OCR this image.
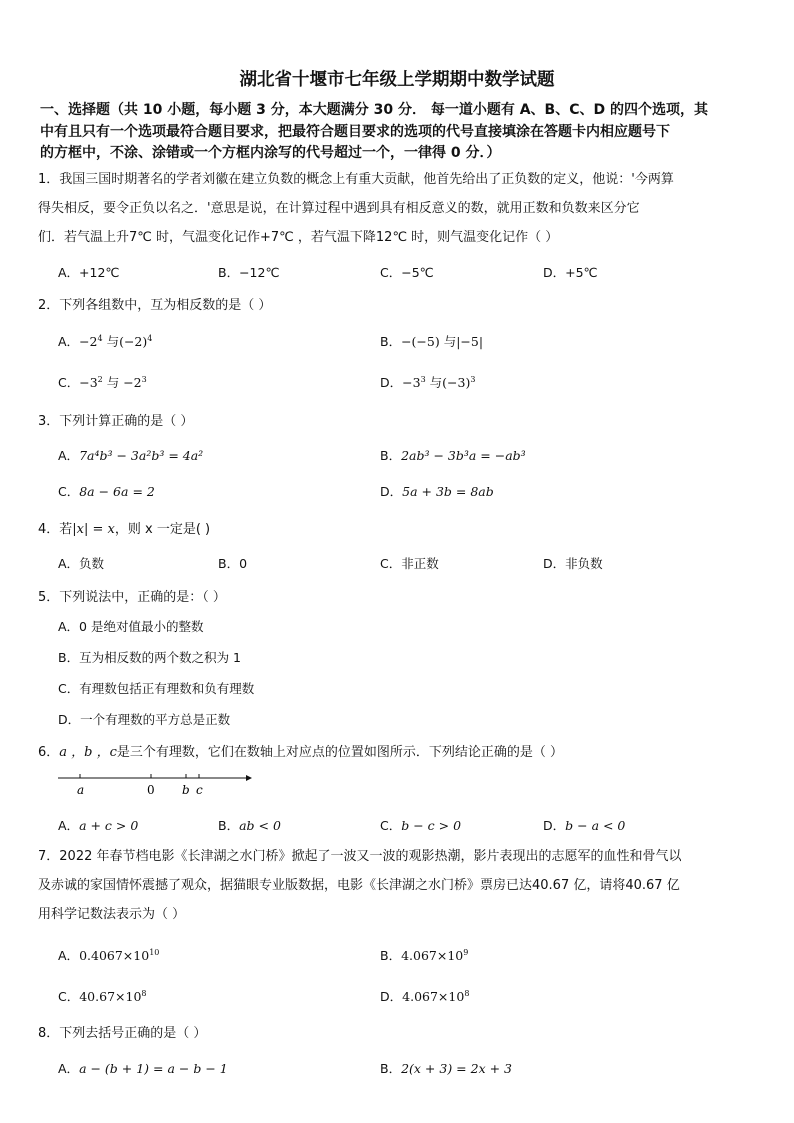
湖北省十堰市七年级上学期期中数学试题
一、选择题（共 10 小题，每小题 3 分，本大题满分 30 分． 每一道小题有 A、B、C、D 的四个选项，其
中有且只有一个选项最符合题目要求，把最符合题目要求的选项的代号直接填涂在答题卡内相应题号下
的方框中，不涂、涂错或一个方框内涂写的代号超过一个，一律得 0 分．）
1．我国三国时期著名的学者刘徽在建立负数的概念上有重大贡献，他首先给出了正负数的定义，他说：'今两算
得失相反，要令正负以名之．'意思是说，在计算过程中遇到具有相反意义的数，就用正数和负数来区分它
们．若气温上升7℃ 时，气温变化记作+7℃ ，若气温下降12℃ 时，则气温变化记作（ ）
A．+12℃	B．−12℃	C．−5℃	D．+5℃
2．下列各组数中，互为相反数的是（ ）
A．$-2^4$ 与$(-2)^4$	B．−(−5) 与|−5|
C．$-3^2$ 与 $-2^3$	D．$-3^3$ 与$(-3)^3$
3．下列计算正确的是（ ）
A．7a⁴b³ − 3a²b³ = 4a²	B．2ab³ − 3b³a = −ab³
C．8a − 6a = 2	D．5a + 3b = 8ab
4．若|x| = x，则 x 一定是( )
A．负数	B．0	C．非正数	D．非负数
5．下列说法中，正确的是：（ ）
A．0 是绝对值最小的整数
B．互为相反数的两个数之积为 1
C．有理数包括正有理数和负有理数
D．一个有理数的平方总是正数
6．a ，b ，c是三个有理数，它们在数轴上对应点的位置如图所示．下列结论正确的是（ ）
a	0 b c
A．a + c > 0	B．ab < 0	C．b − c > 0	D．b − a < 0
7．2022 年春节档电影《长津湖之水门桥》掀起了一波又一波的观影热潮，影片表现出的志愿军的血性和骨气以
及赤诚的家国情怀震撼了观众，据猫眼专业版数据，电影《长津湖之水门桥》票房已达40.67 亿，请将40.67 亿
用科学记数法表示为（ ）
A．$0.4067\times 10^{10}$	B．$4.067\times 10^9$
C．$40.67\times 10^8$	D．$4.067\times 10^8$
8．下列去括号正确的是（ ）
A．a − (b + 1) = a − b − 1	B．2(x + 3) = 2x + 3
